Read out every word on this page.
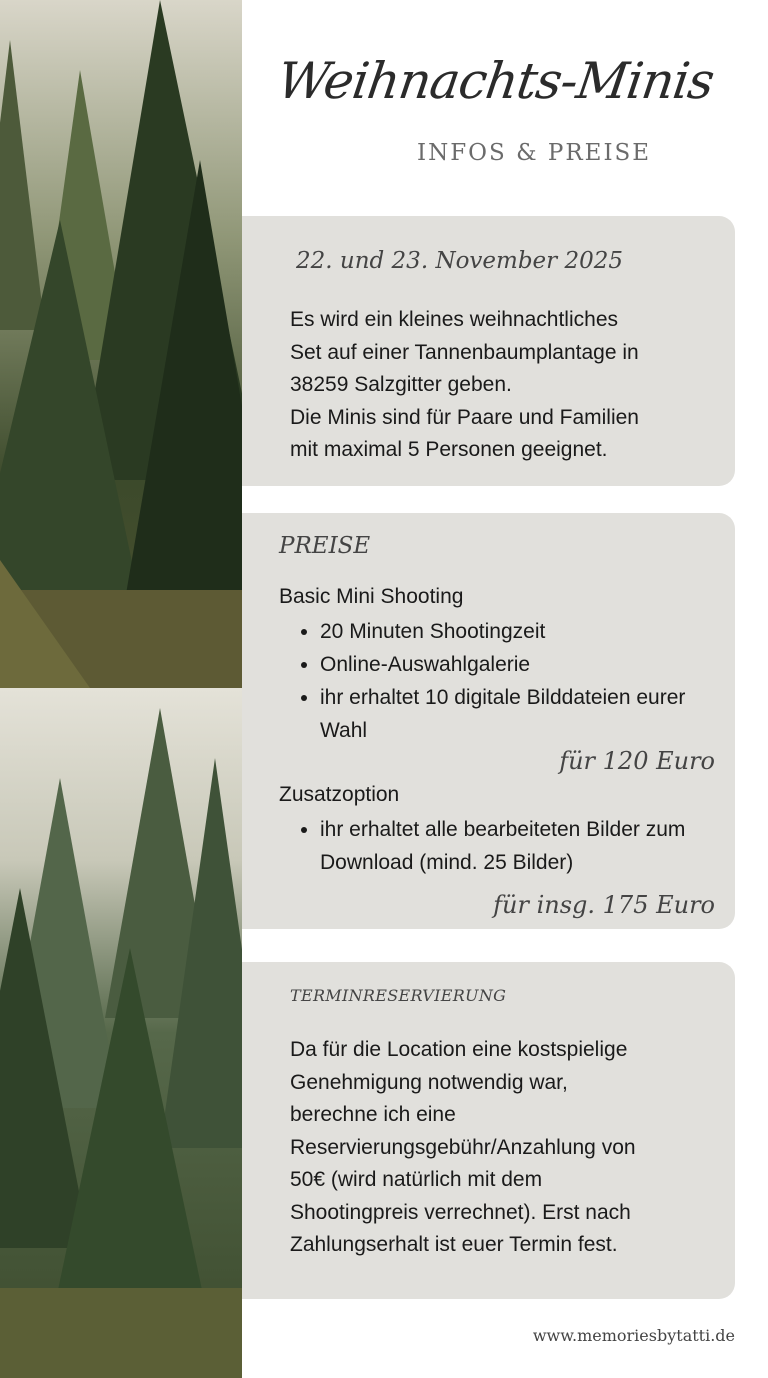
Weihnachts-Minis
INFOS & PREISE
22. und 23. November 2025
Es wird ein kleines weihnachtliches
Set auf einer Tannenbaumplantage in
38259 Salzgitter geben.
Die Minis sind für Paare und Familien
mit maximal 5 Personen geeignet.
PREISE
Basic Mini Shooting
• 20 Minuten Shootingzeit
• Online-Auswahlgalerie
• ihr erhaltet 10 digitale Bilddateien eurer Wahl
für 120 Euro
Zusatzoption
• ihr erhaltet alle bearbeiteten Bilder zum Download (mind. 25 Bilder)
für insg. 175 Euro
TERMINRESERVIERUNG
Da für die Location eine kostspielige
Genehmigung notwendig war,
berechne ich eine
Reservierungsgebühr/Anzahlung von
50€ (wird natürlich mit dem
Shootingpreis verrechnet). Erst nach
Zahlungserhalt ist euer Termin fest.
www.memoriesbytatti.de
